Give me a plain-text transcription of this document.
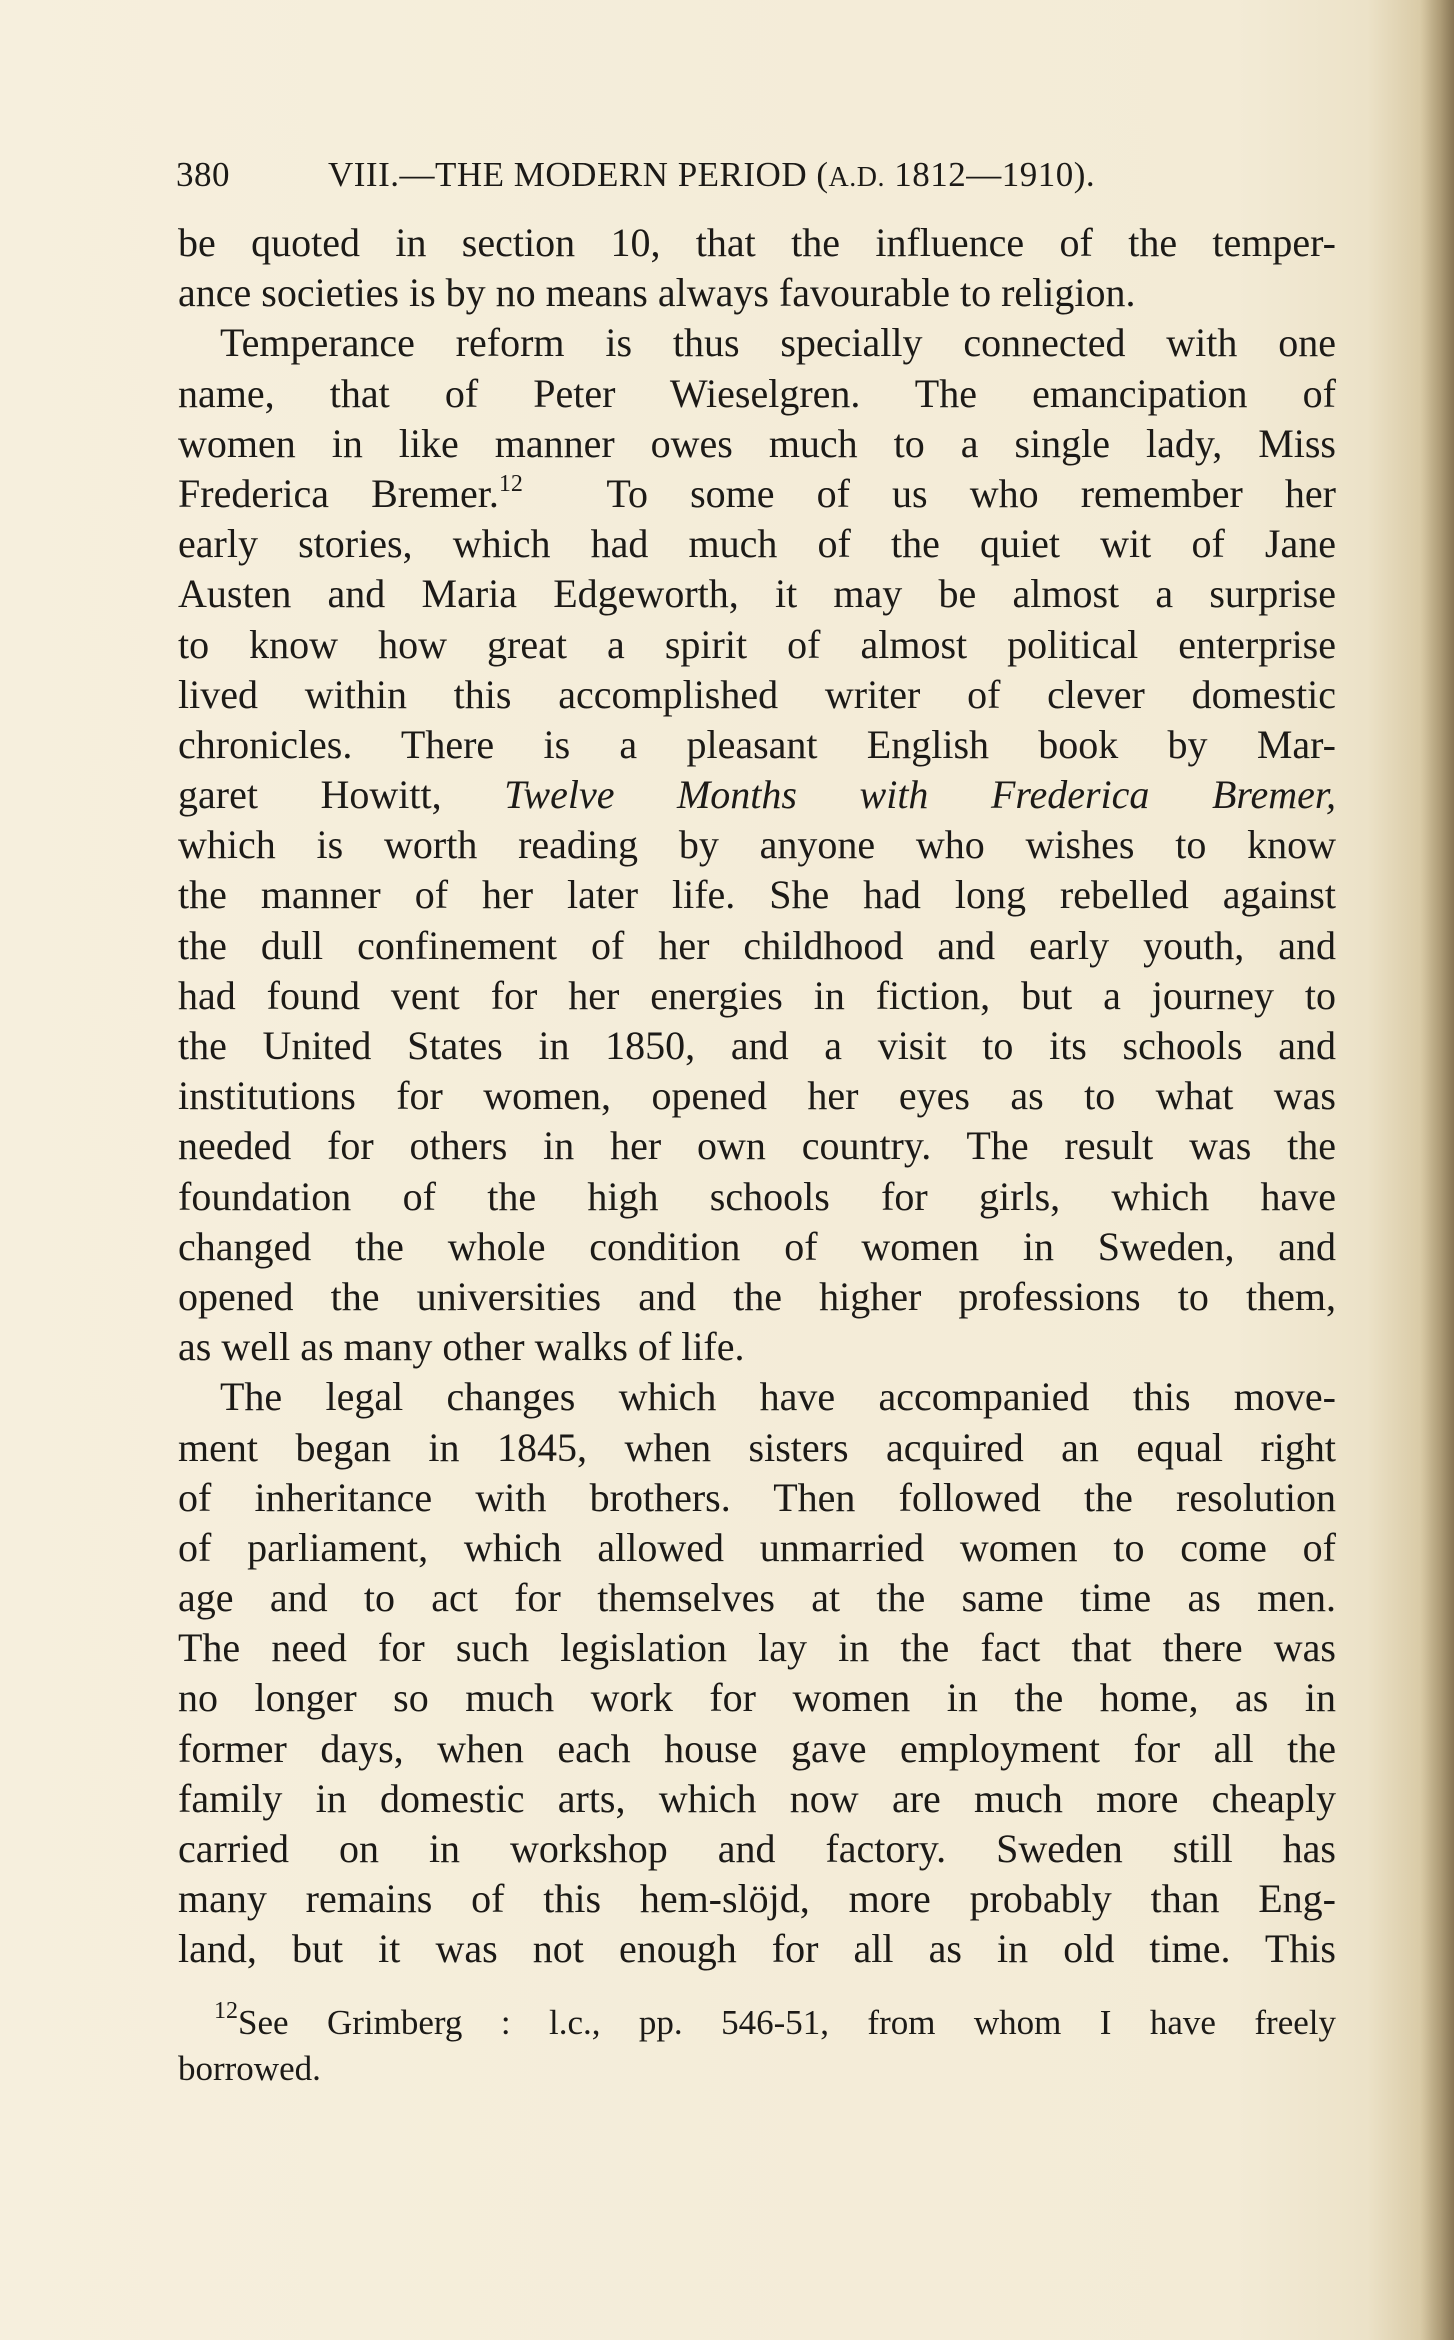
380	VIII.—THE MODERN PERIOD (A.D. 1812—1910).
be quoted in section 10, that the influence of the temper-
ance societies is by no means always favourable to religion.
Temperance reform is thus specially connected with one
name, that of Peter Wieselgren. The emancipation of
women in like manner owes much to a single lady, Miss
Frederica Bremer.$^{12}$  To some of us who remember her
early stories, which had much of the quiet wit of Jane
Austen and Maria Edgeworth, it may be almost a surprise
to know how great a spirit of almost political enterprise
lived within this accomplished writer of clever domestic
chronicles. There is a pleasant English book by Mar-
garet Howitt, Twelve Months with Frederica Bremer,
which is worth reading by anyone who wishes to know
the manner of her later life. She had long rebelled against
the dull confinement of her childhood and early youth, and
had found vent for her energies in fiction, but a journey to
the United States in 1850, and a visit to its schools and
institutions for women, opened her eyes as to what was
needed for others in her own country. The result was the
foundation of the high schools for girls, which have
changed the whole condition of women in Sweden, and
opened the universities and the higher professions to them,
as well as many other walks of life.
The legal changes which have accompanied this move-
ment began in 1845, when sisters acquired an equal right
of inheritance with brothers. Then followed the resolution
of parliament, which allowed unmarried women to come of
age and to act for themselves at the same time as men.
The need for such legislation lay in the fact that there was
no longer so much work for women in the home, as in
former days, when each house gave employment for all the
family in domestic arts, which now are much more cheaply
carried on in workshop and factory. Sweden still has
many remains of this hem-slöjd, more probably than Eng-
land, but it was not enough for all as in old time. This
$^{12}$See Grimberg : l.c., pp. 546-51, from whom I have freely
borrowed.
